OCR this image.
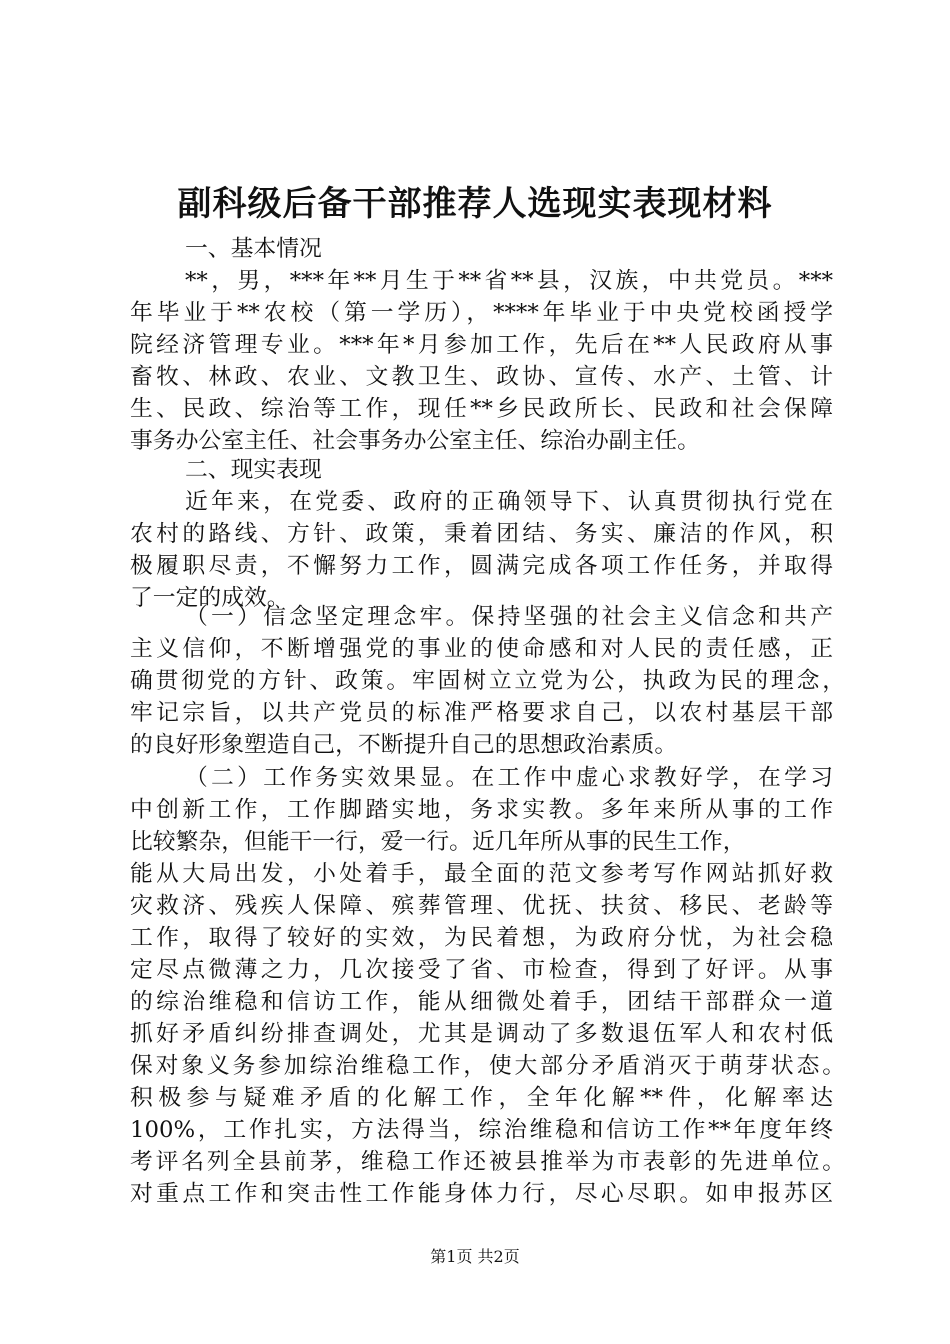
副科级后备干部推荐人选现实表现材料
一、基本情况
**，男，***年**月生于**省**县，汉族，中共党员。***
年毕业于**农校（第一学历），****年毕业于中央党校函授学
院经济管理专业。***年*月参加工作，先后在**人民政府从事
畜牧、林政、农业、文教卫生、政协、宣传、水产、土管、计
生、民政、综治等工作，现任**乡民政所长、民政和社会保障
事务办公室主任、社会事务办公室主任、综治办副主任。
二、现实表现
近年来，在党委、政府的正确领导下、认真贯彻执行党在
农村的路线、方针、政策，秉着团结、务实、廉洁的作风，积
极履职尽责，不懈努力工作，圆满完成各项工作任务，并取得
了一定的成效。
（一）信念坚定理念牢。保持坚强的社会主义信念和共产
主义信仰，不断增强党的事业的使命感和对人民的责任感，正
确贯彻党的方针、政策。牢固树立立党为公，执政为民的理念，
牢记宗旨，以共产党员的标准严格要求自己，以农村基层干部
的良好形象塑造自己，不断提升自己的思想政治素质。
（二）工作务实效果显。在工作中虚心求教好学，在学习
中创新工作，工作脚踏实地，务求实教。多年来所从事的工作
比较繁杂，但能干一行，爱一行。近几年所从事的民生工作，
能从大局出发，小处着手，最全面的范文参考写作网站抓好救
灾救济、残疾人保障、殡葬管理、优抚、扶贫、移民、老龄等
工作，取得了较好的实效，为民着想，为政府分忧，为社会稳
定尽点微薄之力，几次接受了省、市检查，得到了好评。从事
的综治维稳和信访工作，能从细微处着手，团结干部群众一道
抓好矛盾纠纷排查调处，尤其是调动了多数退伍军人和农村低
保对象义务参加综治维稳工作，使大部分矛盾消灭于萌芽状态。
积极参与疑难矛盾的化解工作，全年化解**件，化解率达
100%，工作扎实，方法得当，综治维稳和信访工作**年度年终
考评名列全县前茅，维稳工作还被县推举为市表彰的先进单位。
对重点工作和突击性工作能身体力行，尽心尽职。如申报苏区
第1页 共2页
